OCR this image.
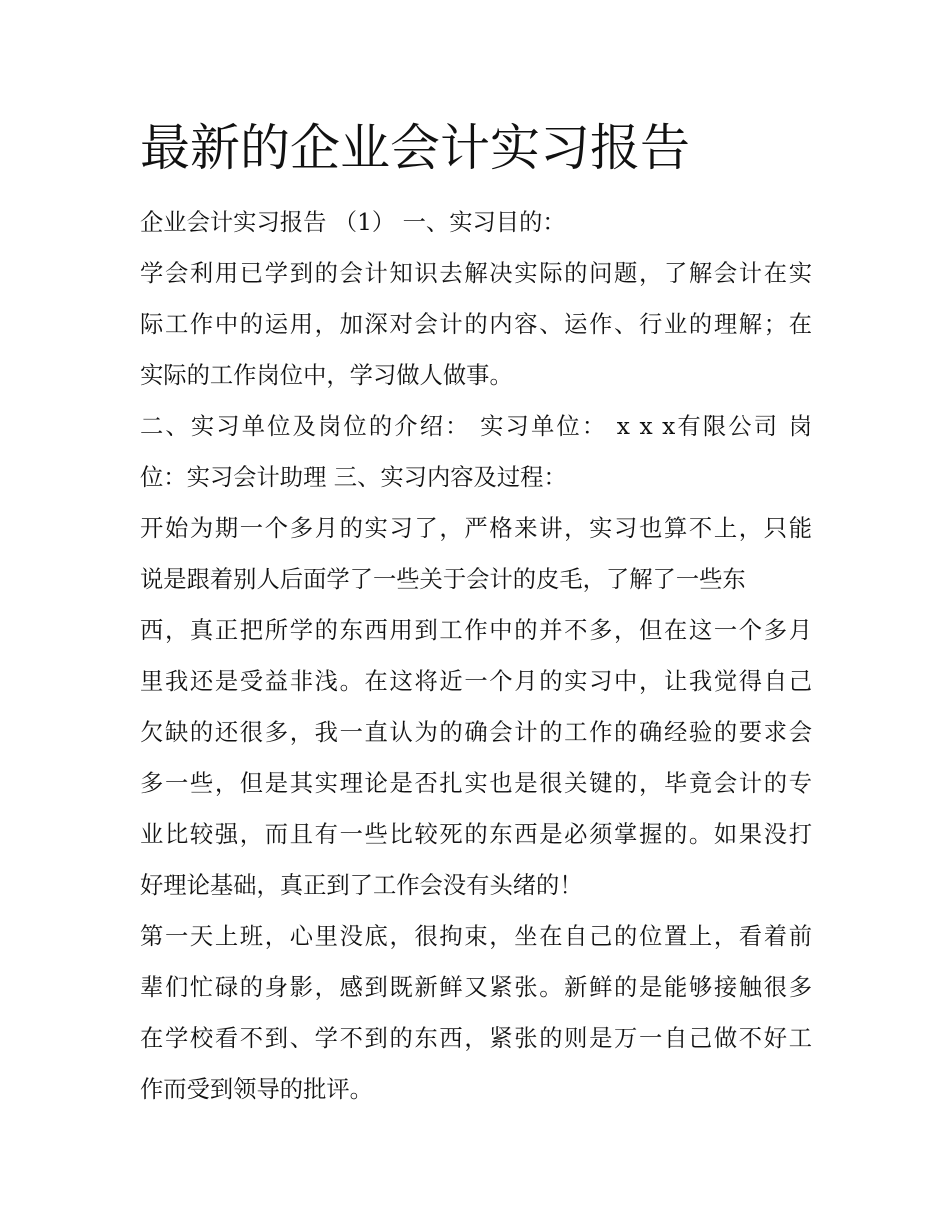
最新的企业会计实习报告
企业会计实习报告 （1） 一、实习目的：
学会利用已学到的会计知识去解决实际的问题，了解会计在实
际工作中的运用，加深对会计的内容、运作、行业的理解；在
实际的工作岗位中，学习做人做事。
二、实习单位及岗位的介绍： 实习单位： x x x有限公司 岗
位：实习会计助理 三、实习内容及过程：
开始为期一个多月的实习了，严格来讲，实习也算不上，只能
说是跟着别人后面学了一些关于会计的皮毛，了解了一些东
西，真正把所学的东西用到工作中的并不多，但在这一个多月
里我还是受益非浅。在这将近一个月的实习中，让我觉得自己
欠缺的还很多，我一直认为的确会计的工作的确经验的要求会
多一些，但是其实理论是否扎实也是很关键的，毕竟会计的专
业比较强，而且有一些比较死的东西是必须掌握的。如果没打
好理论基础，真正到了工作会没有头绪的！
第一天上班，心里没底，很拘束，坐在自己的位置上，看着前
辈们忙碌的身影，感到既新鲜又紧张。新鲜的是能够接触很多
在学校看不到、学不到的东西，紧张的则是万一自己做不好工
作而受到领导的批评。
